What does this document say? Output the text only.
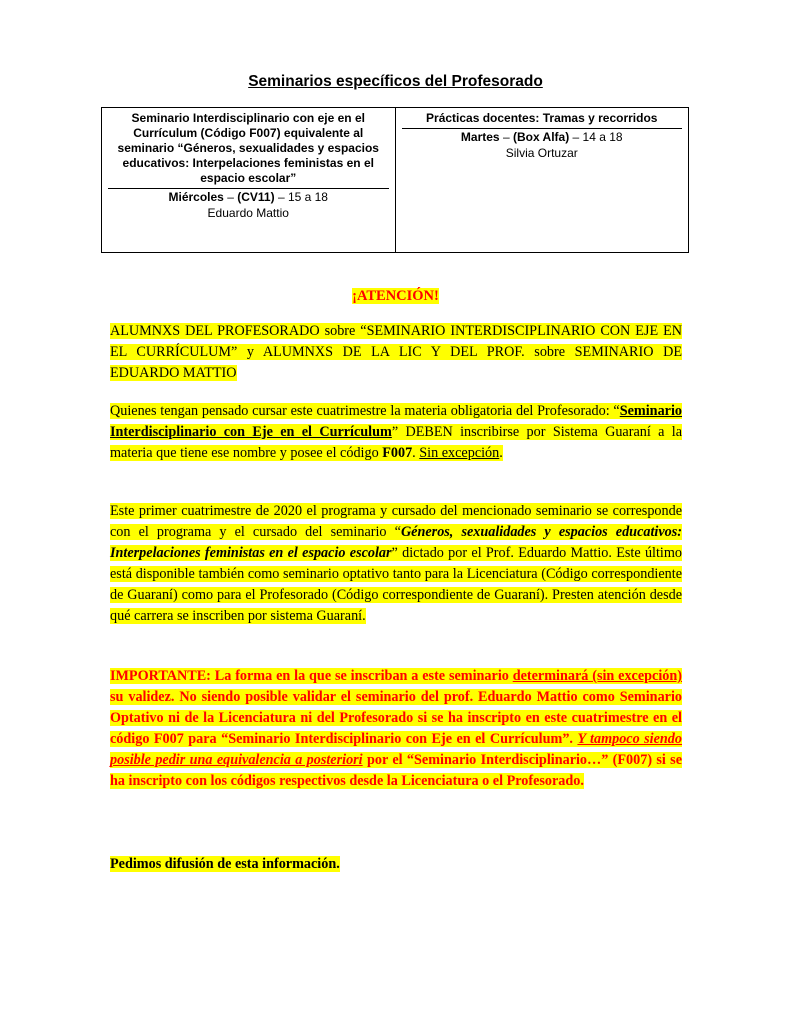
Seminarios específicos del Profesorado
Seminario Interdisciplinario con eje en el Currículum (Código F007) equivalente al seminario “Géneros, sexualidades y espacios educativos: Interpelaciones feministas en el espacio escolar”
Miércoles – (CV11) – 15 a 18
Eduardo Mattio

Prácticas docentes: Tramas y recorridos
Martes – (Box Alfa) – 14 a 18
Silvia Ortuzar
¡ATENCIÓN!
ALUMNXS DEL PROFESORADO sobre “SEMINARIO INTERDISCIPLINARIO CON EJE EN EL CURRÍCULUM” y ALUMNXS DE LA LIC Y DEL PROF. sobre SEMINARIO DE EDUARDO MATTIO
Quienes tengan pensado cursar este cuatrimestre la materia obligatoria del Profesorado: “Seminario Interdisciplinario con Eje en el Currículum” DEBEN inscribirse por Sistema Guaraní a la materia que tiene ese nombre y posee el código F007. Sin excepción.
Este primer cuatrimestre de 2020 el programa y cursado del mencionado seminario se corresponde con el programa y el cursado del seminario “Géneros, sexualidades y espacios educativos: Interpelaciones feministas en el espacio escolar” dictado por el Prof. Eduardo Mattio. Este último está disponible también como seminario optativo tanto para la Licenciatura (Código correspondiente de Guaraní) como para el Profesorado (Código correspondiente de Guaraní). Presten atención desde qué carrera se inscriben por sistema Guaraní.
IMPORTANTE: La forma en la que se inscriban a este seminario determinará (sin excepción) su validez. No siendo posible validar el seminario del prof. Eduardo Mattio como Seminario Optativo ni de la Licenciatura ni del Profesorado si se ha inscripto en este cuatrimestre en el código F007 para “Seminario Interdisciplinario con Eje en el Currículum”. Y tampoco siendo posible pedir una equivalencia a posteriori por el “Seminario Interdisciplinario…” (F007) si se ha inscripto con los códigos respectivos desde la Licenciatura o el Profesorado.
Pedimos difusión de esta información.
